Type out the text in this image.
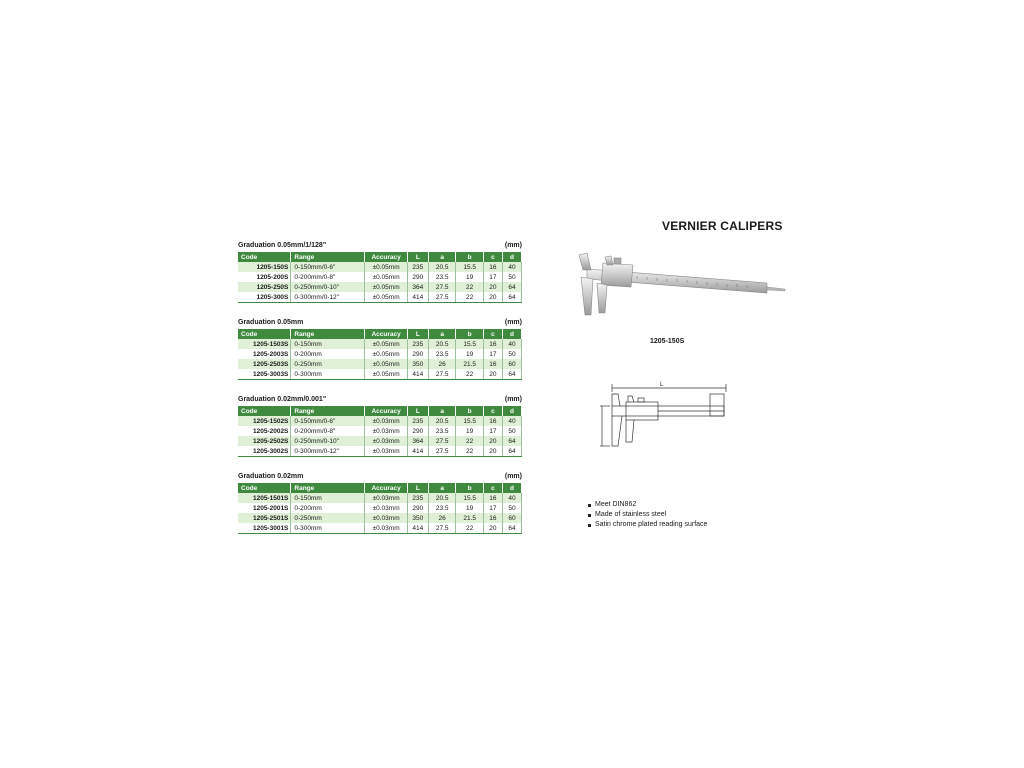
Graduation 0.05mm/1/128"	(mm)
Code	Range	Accuracy	L	a	b	c	d
1205-150S	0-150mm/0-6"	±0.05mm	235	20.5	15.5	16	40
1205-200S	0-200mm/0-8"	±0.05mm	290	23.5	19	17	50
1205-250S	0-250mm/0-10"	±0.05mm	364	27.5	22	20	64
1205-300S	0-300mm/0-12"	±0.05mm	414	27.5	22	20	64
Graduation 0.05mm	(mm)
Code	Range	Accuracy	L	a	b	c	d
1205-1503S	0-150mm	±0.05mm	235	20.5	15.5	16	40
1205-2003S	0-200mm	±0.05mm	290	23.5	19	17	50
1205-2503S	0-250mm	±0.05mm	350	26	21.5	16	60
1205-3003S	0-300mm	±0.05mm	414	27.5	22	20	64
Graduation 0.02mm/0.001"	(mm)
Code	Range	Accuracy	L	a	b	c	d
1205-1502S	0-150mm/0-6"	±0.03mm	235	20.5	15.5	16	40
1205-2002S	0-200mm/0-8"	±0.03mm	290	23.5	19	17	50
1205-2502S	0-250mm/0-10"	±0.03mm	364	27.5	22	20	64
1205-3002S	0-300mm/0-12"	±0.03mm	414	27.5	22	20	64
Graduation 0.02mm	(mm)
Code	Range	Accuracy	L	a	b	c	d
1205-1501S	0-150mm	±0.03mm	235	20.5	15.5	16	40
1205-2001S	0-200mm	±0.03mm	290	23.5	19	17	50
1205-2501S	0-250mm	±0.03mm	350	26	21.5	16	60
1205-3001S	0-300mm	±0.03mm	414	27.5	22	20	64
VERNIER CALIPERS
1205-150S
L
Meet DIN862
Made of stainless steel
Satin chrome plated reading surface
